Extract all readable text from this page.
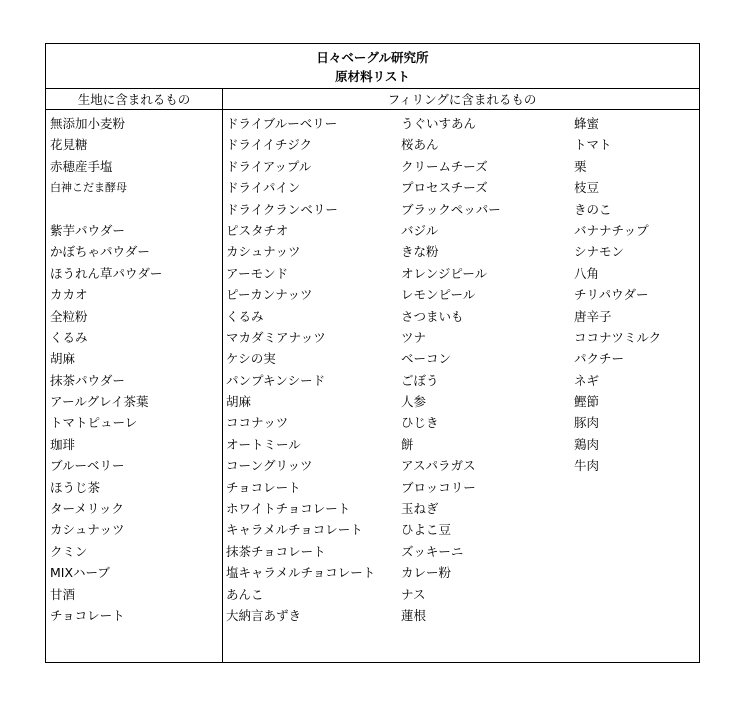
日々ベーグル研究所
原材料リスト
生地に含まれるもの	フィリングに含まれるもの
無添加小麦粉
花見糖
赤穂産手塩
白神こだま酵母
紫芋パウダー
かぼちゃパウダー
ほうれん草パウダー
カカオ
全粒粉
くるみ
胡麻
抹茶パウダー
アールグレイ茶葉
トマトピューレ
珈琲
ブルーベリー
ほうじ茶
ターメリック
カシュナッツ
クミン
MIXハーブ
甘酒
チョコレート
ドライブルーベリー
ドライイチジク
ドライアップル
ドライパイン
ドライクランベリー
ピスタチオ
カシュナッツ
アーモンド
ピーカンナッツ
くるみ
マカダミアナッツ
ケシの実
パンプキンシード
胡麻
ココナッツ
オートミール
コーングリッツ
チョコレート
ホワイトチョコレート
キャラメルチョコレート
抹茶チョコレート
塩キャラメルチョコレート
あんこ
大納言あずき
うぐいすあん
桜あん
クリームチーズ
プロセスチーズ
ブラックペッパー
バジル
きな粉
オレンジピール
レモンピール
さつまいも
ツナ
ベーコン
ごぼう
人参
ひじき
餅
アスパラガス
ブロッコリー
玉ねぎ
ひよこ豆
ズッキーニ
カレー粉
ナス
蓮根
蜂蜜
トマト
栗
枝豆
きのこ
バナナチップ
シナモン
八角
チリパウダー
唐辛子
ココナツミルク
パクチー
ネギ
鰹節
豚肉
鶏肉
牛肉
